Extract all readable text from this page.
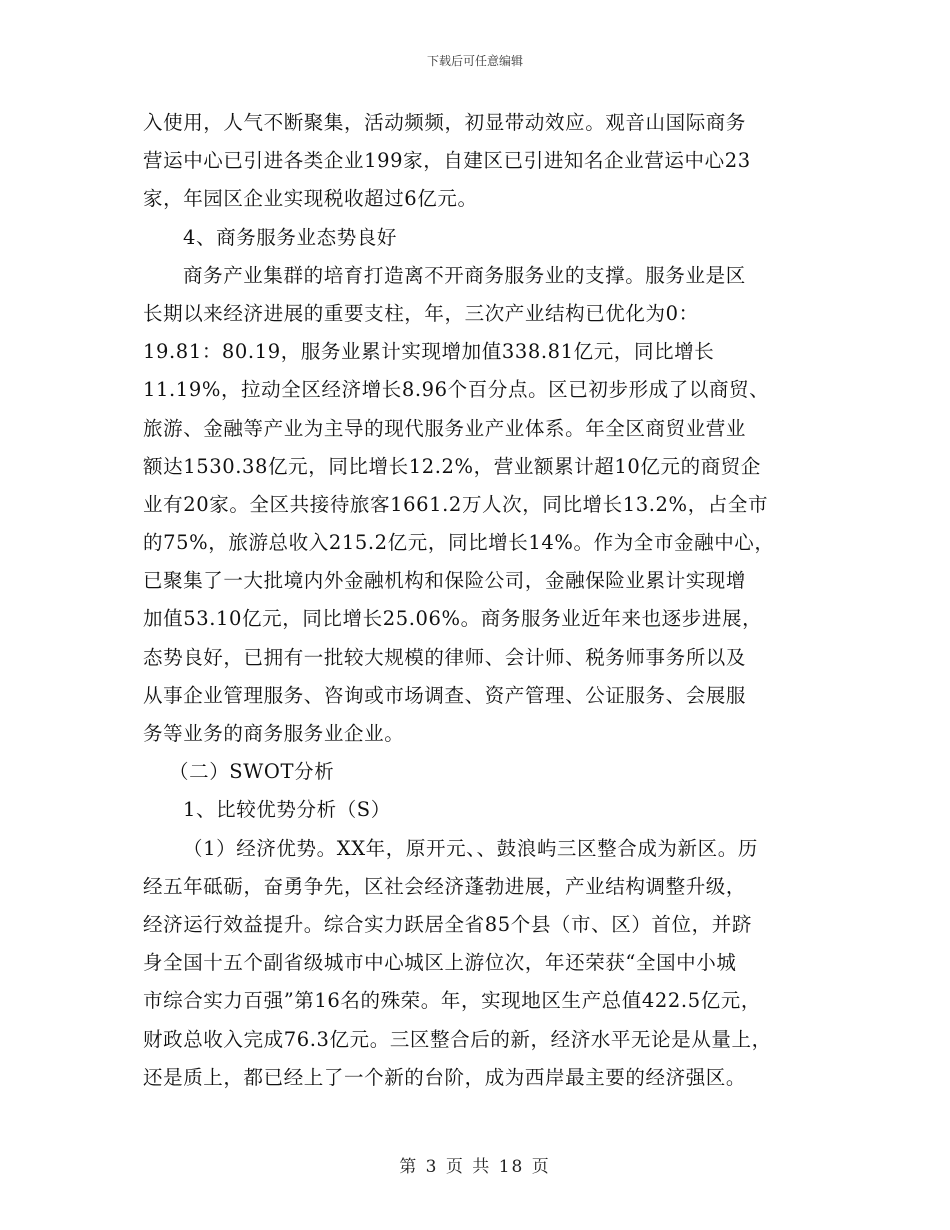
下载后可任意编辑
入使用，人气不断聚集，活动频频，初显带动效应。观音山国际商务
营运中心已引进各类企业199家，自建区已引进知名企业营运中心23
家，年园区企业实现税收超过6亿元。
4、商务服务业态势良好
商务产业集群的培育打造离不开商务服务业的支撑。服务业是区
长期以来经济进展的重要支柱，年，三次产业结构已优化为0：
19.81：80.19，服务业累计实现增加值338.81亿元，同比增长
11.19%，拉动全区经济增长8.96个百分点。区已初步形成了以商贸、
旅游、金融等产业为主导的现代服务业产业体系。年全区商贸业营业
额达1530.38亿元，同比增长12.2%，营业额累计超10亿元的商贸企
业有20家。全区共接待旅客1661.2万人次，同比增长13.2%，占全市
的75%，旅游总收入215.2亿元，同比增长14%。作为全市金融中心，
已聚集了一大批境内外金融机构和保险公司，金融保险业累计实现增
加值53.10亿元，同比增长25.06%。商务服务业近年来也逐步进展，
态势良好，已拥有一批较大规模的律师、会计师、税务师事务所以及
从事企业管理服务、咨询或市场调查、资产管理、公证服务、会展服
务等业务的商务服务业企业。
（二）SWOT分析
1、比较优势分析（S）
（1）经济优势。XX年，原开元、、鼓浪屿三区整合成为新区。历
经五年砥砺，奋勇争先，区社会经济蓬勃进展，产业结构调整升级，
经济运行效益提升。综合实力跃居全省85个县（市、区）首位，并跻
身全国十五个副省级城市中心城区上游位次，年还荣获“全国中小城
市综合实力百强”第16名的殊荣。年，实现地区生产总值422.5亿元，
财政总收入完成76.3亿元。三区整合后的新，经济水平无论是从量上，
还是质上，都已经上了一个新的台阶，成为西岸最主要的经济强区。
第 3 页 共 18 页
